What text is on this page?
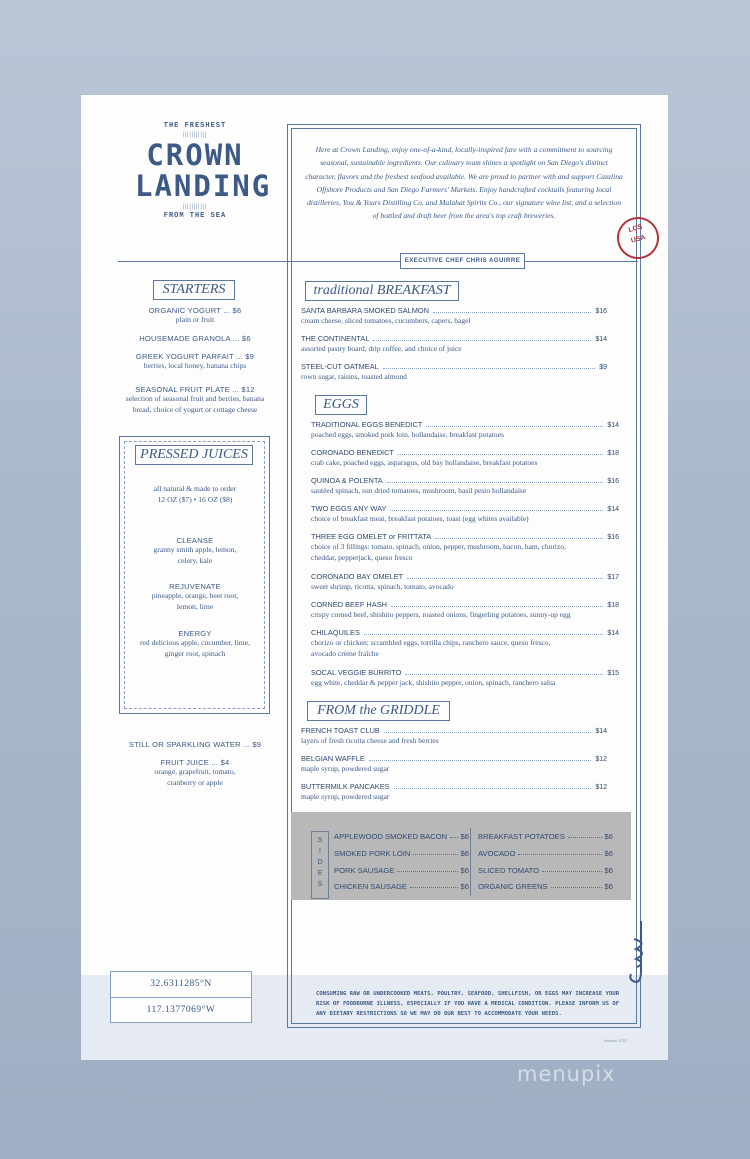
THE FRESHEST
|||||||||||
CROWN
LANDING
|||||||||||
FROM THE SEA
Here at Crown Landing, enjoy one-of-a-kind, locally-inspired fare with a commitment to sourcing seasonal, sustainable ingredients. Our culinary team shines a spotlight on San Diego's distinct character, flavors and the freshest seafood available. We are proud to partner with and support Catalina Offshore Products and San Diego Farmers' Markets. Enjoy handcrafted cocktails featuring local distilleries, You & Yours Distilling Co. and Malahat Spirits Co., our signature wine list, and a selection of bottled and draft beer from the area's top craft breweries.
LCS
USA
EXECUTIVE CHEF CHRIS AGUIRRE
STARTERS
ORGANIC YOGURT ... $6
plain or fruit
HOUSEMADE GRANOLA ... $6
GREEK YOGURT PARFAIT ... $9
berries, local honey, banana chips
SEASONAL FRUIT PLATE ... $12
selection of seasonal fruit and berries, banana bread, choice of yogurt or cottage cheese
PRESSED JUICES
all natural & made to order
12 OZ ($7) • 16 OZ ($8)
CLEANSE
granny smith apple, lemon, celery, kale
REJUVENATE
pineapple, orange, beet root, lemon, lime
ENERGY
red delicious apple, cucumber, lime, ginger root, spinach
STILL OR SPARKLING WATER ... $9
FRUIT JUICE ... $4
orange, grapefruit, tomato, cranberry or apple
traditional BREAKFAST
SANTA BARBARA SMOKED SALMON	$16
cream cheese, sliced tomatoes, cucumbers, capers, bagel
THE CONTINENTAL	$14
assorted pastry board, drip coffee, and choice of juice
STEEL-CUT OATMEAL	$9
rown sugar, raisins, toasted almond
EGGS
TRADITIONAL EGGS BENEDICT	$14
poached eggs, smoked pork loin, hollandaise, breakfast potatoes
CORONADO BENEDICT	$18
crab cake, poached eggs, asparagus, old bay hollandaise, breakfast potatoes
QUINOA & POLENTA	$16
sautéed spinach, sun dried tomatoes, mushroom, basil pesto hollandaise
TWO EGGS ANY WAY	$14
choice of breakfast meat, breakfast potatoes, toast (egg whites available)
THREE EGG OMELET or FRITTATA	$16
choice of 3 fillings: tomato, spinach, onion, pepper, mushroom, bacon, ham, chorizo, cheddar, pepperjack, queso fresco
CORONADO BAY OMELET	$17
sweet shrimp, ricotta, spinach, tomato, avocado
CORNED BEEF HASH	$18
crispy corned beef, shishito peppers, roasted onions, fingerling potatoes, sunny-up egg
CHILAQUILES	$14
chorizo or chicken; scrambled eggs, tortilla chips, ranchero sauce, queso fresco, avocado crème fraîche
SOCAL VEGGIE BURRITO	$15
egg white, cheddar & pepper jack, shishito pepper, onion, spinach, ranchero salsa
FROM the GRIDDLE
FRENCH TOAST CLUB	$14
layers of fresh ricotta cheese and fresh berries
BELGIAN WAFFLE	$12
maple syrup, powdered sugar
BUTTERMILK PANCAKES	$12
maple syrup, powdered sugar
S
I
D
E
S
APPLEWOOD SMOKED BACON $6
SMOKED PORK LOIN	$6
PORK SAUSAGE	$6
CHICKEN SAUSAGE	$6
BREAKFAST POTATOES	$6
AVOCADO	$6
SLICED TOMATO	$6
ORGANIC GREENS	$6
32.6311285°N
117.1377069°W
CONSUMING RAW OR UNDERCOOKED MEATS, POULTRY, SEAFOOD, SHELLFISH, OR EGGS MAY INCREASE YOUR RISK OF FOODBORNE ILLNESS, ESPECIALLY IF YOU HAVE A MEDICAL CONDITION. PLEASE INFORM US OF ANY DIETARY RESTRICTIONS SO WE MAY DO OUR BEST TO ACCOMMODATE YOUR NEEDS.
Summer 2018
menupix
